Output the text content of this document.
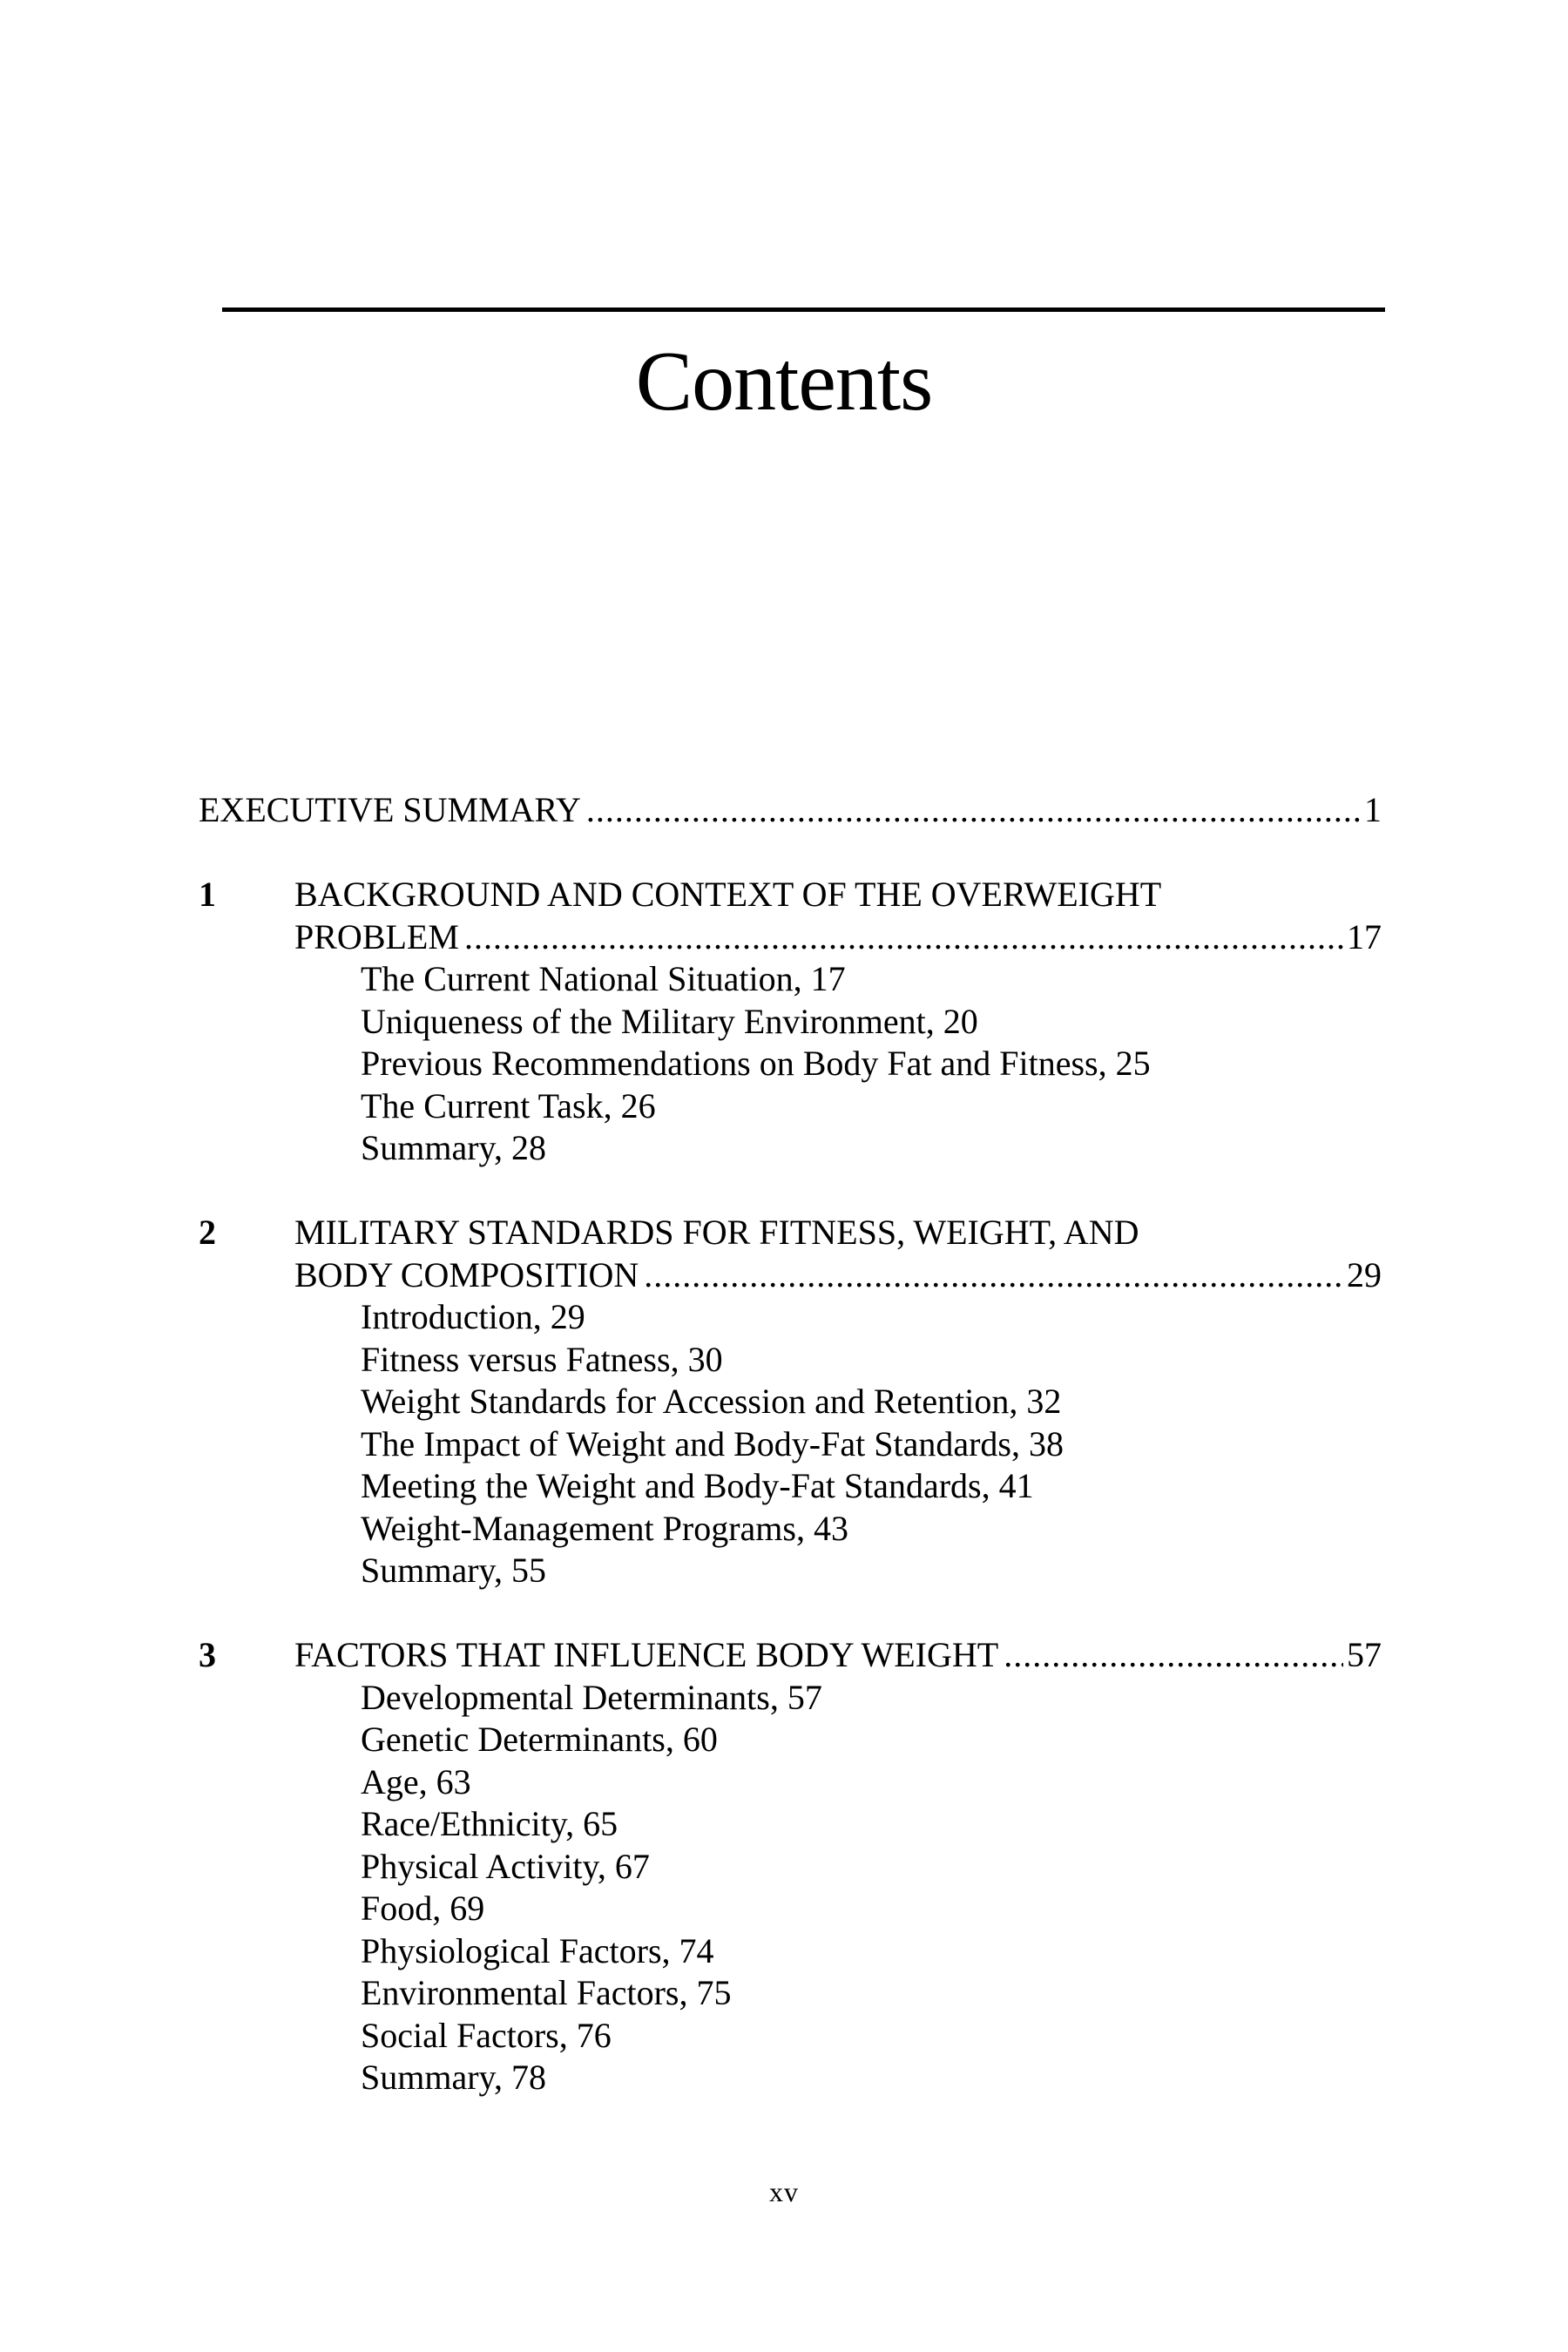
Contents
EXECUTIVE SUMMARY .....	1
1 BACKGROUND AND CONTEXT OF THE OVERWEIGHT
PROBLEM .....	17
The Current National Situation, 17
Uniqueness of the Military Environment, 20
Previous Recommendations on Body Fat and Fitness, 25
The Current Task, 26
Summary, 28
2 MILITARY STANDARDS FOR FITNESS, WEIGHT, AND
BODY COMPOSITION .....	29
Introduction, 29
Fitness versus Fatness, 30
Weight Standards for Accession and Retention, 32
The Impact of Weight and Body-Fat Standards, 38
Meeting the Weight and Body-Fat Standards, 41
Weight-Management Programs, 43
Summary, 55
3 FACTORS THAT INFLUENCE BODY WEIGHT .....	57
Developmental Determinants, 57
Genetic Determinants, 60
Age, 63
Race/Ethnicity, 65
Physical Activity, 67
Food, 69
Physiological Factors, 74
Environmental Factors, 75
Social Factors, 76
Summary, 78
xv
